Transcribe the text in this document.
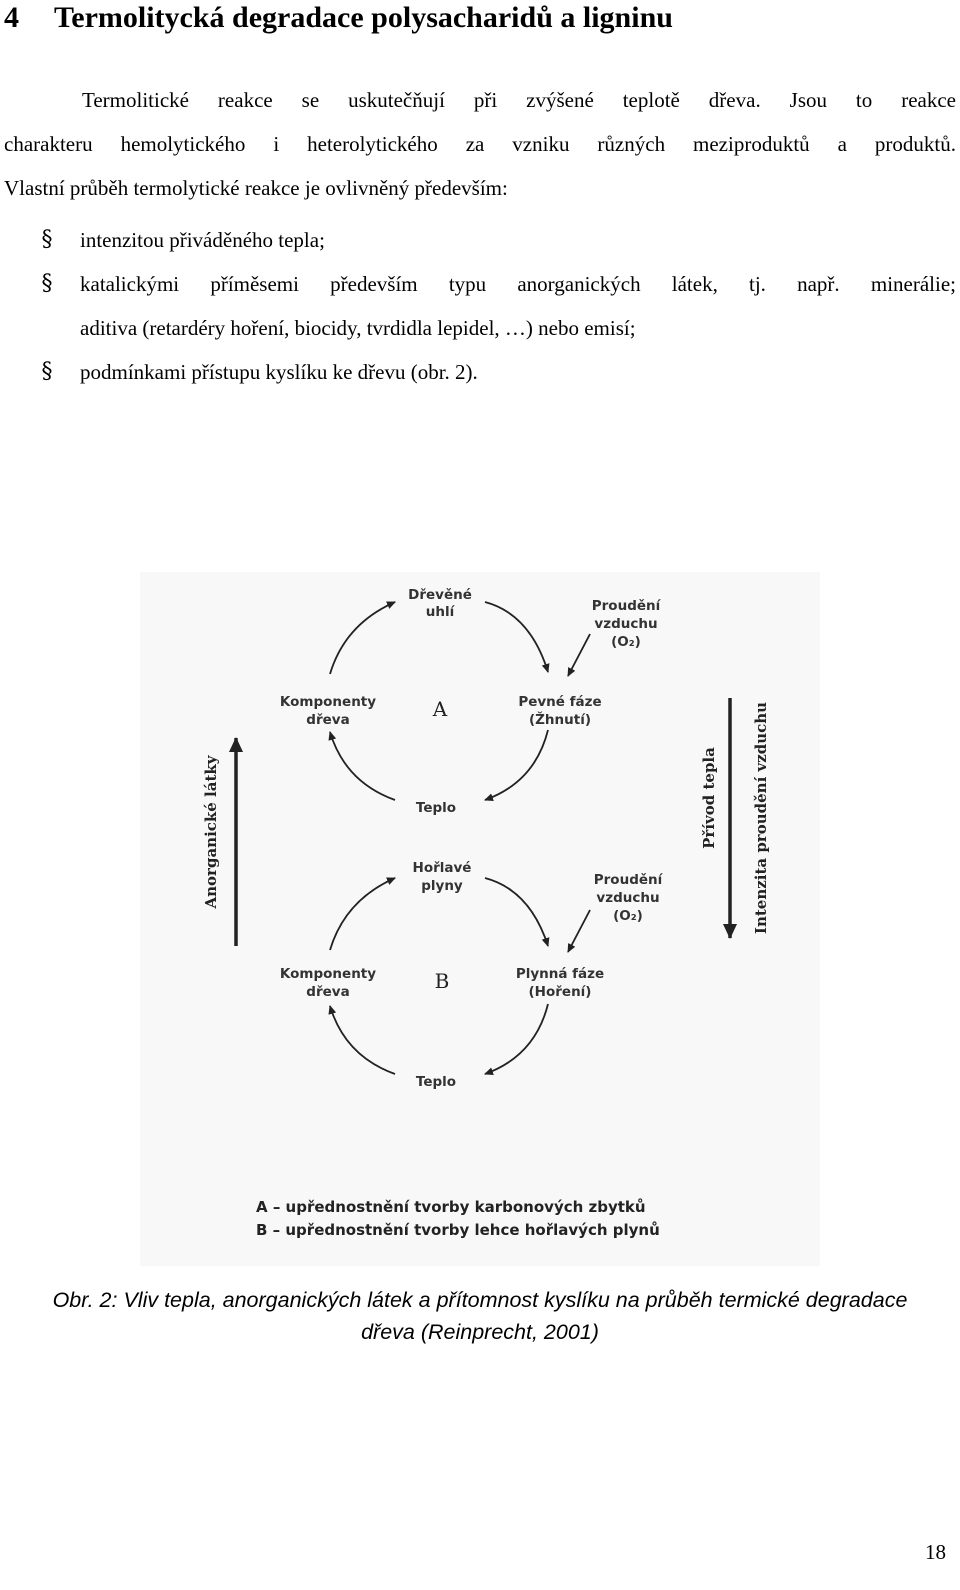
4 Termolitycká degradace polysacharidů a ligninu
Termolitické reakce se uskutečňují při zvýšené teplotě dřeva. Jsou to reakce
charakteru hemolytického i heterolytického za vzniku různých meziproduktů a produktů.
Vlastní průběh termolytické reakce je ovlivněný především:
§ intenzitou přiváděného tepla;
§ katalickými příměsemi především typu anorganických látek, tj. např. minerálie;
aditiva (retardéry hoření, biocidy, tvrdidla lepidel, …) nebo emisí;
§ podmínkami přístupu kyslíku ke dřevu (obr. 2).
Dřevěné
uhlí	Proudění
vzduchu
(O₂)
Komponenty
dřeva	A	Pevné fáze
(Žhnutí)
Teplo
Hořlavé
plyny	Proudění
vzduchu
(O₂)
Komponenty
dřeva	B	Plynná fáze
(Hoření)
Teplo
Anorganické látky	Přívod tepla Intenzita proudění vzduchu
A – upřednostnění tvorby karbonových zbytků
B – upřednostnění tvorby lehce hořlavých plynů
Obr. 2: Vliv tepla, anorganických látek a přítomnost kyslíku na průběh termické degradace
dřeva (Reinprecht, 2001)
18
